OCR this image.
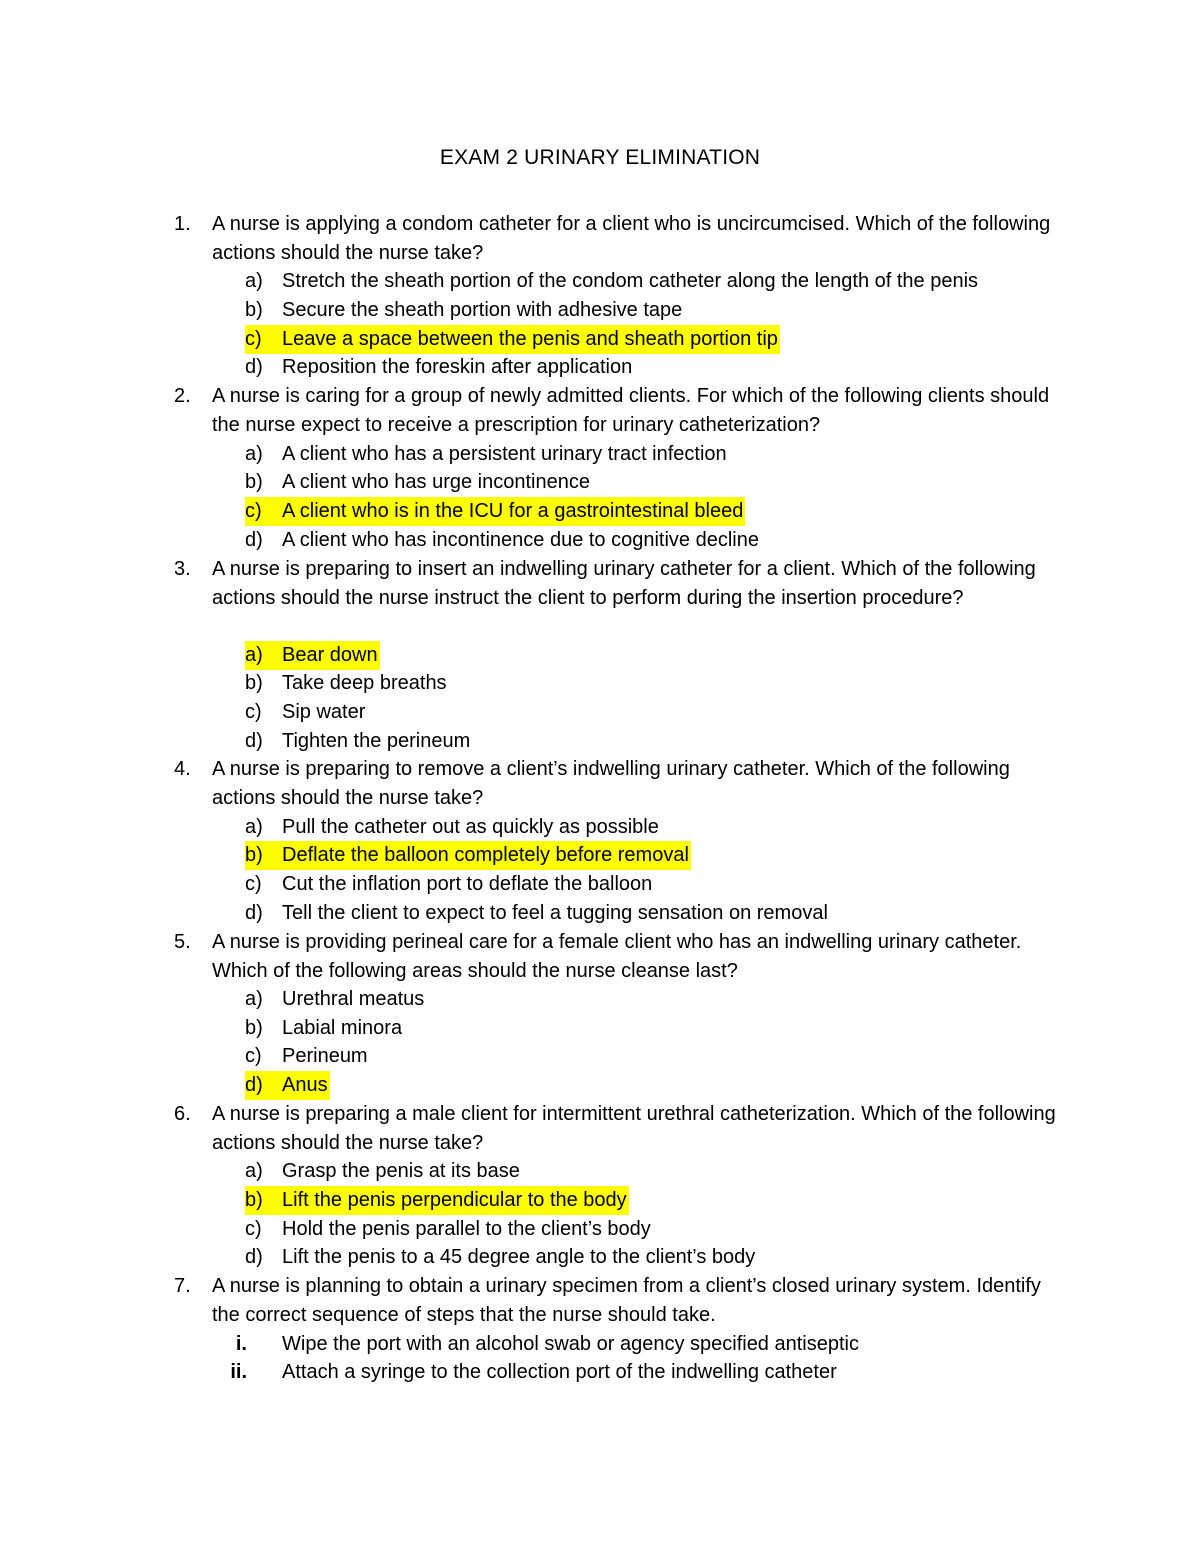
EXAM 2 URINARY ELIMINATION
1.	A nurse is applying a condom catheter for a client who is uncircumcised. Which of the following actions should the nurse take?
a) Stretch the sheath portion of the condom catheter along the length of the penis
b) Secure the sheath portion with adhesive tape
c) Leave a space between the penis and sheath portion tip
d) Reposition the foreskin after application
2.	A nurse is caring for a group of newly admitted clients. For which of the following clients should the nurse expect to receive a prescription for urinary catheterization?
a) A client who has a persistent urinary tract infection
b) A client who has urge incontinence
c) A client who is in the ICU for a gastrointestinal bleed
d) A client who has incontinence due to cognitive decline
3.	A nurse is preparing to insert an indwelling urinary catheter for a client. Which of the following actions should the nurse instruct the client to perform during the insertion procedure?
a) Bear down
b) Take deep breaths
c) Sip water
d) Tighten the perineum
4.	A nurse is preparing to remove a client’s indwelling urinary catheter. Which of the following actions should the nurse take?
a) Pull the catheter out as quickly as possible
b) Deflate the balloon completely before removal
c) Cut the inflation port to deflate the balloon
d) Tell the client to expect to feel a tugging sensation on removal
5.	A nurse is providing perineal care for a female client who has an indwelling urinary catheter. Which of the following areas should the nurse cleanse last?
a) Urethral meatus
b) Labial minora
c) Perineum
d) Anus
6.	A nurse is preparing a male client for intermittent urethral catheterization. Which of the following actions should the nurse take?
a) Grasp the penis at its base
b) Lift the penis perpendicular to the body
c) Hold the penis parallel to the client’s body
d) Lift the penis to a 45 degree angle to the client’s body
7.	A nurse is planning to obtain a urinary specimen from a client’s closed urinary system. Identify the correct sequence of steps that the nurse should take.
i. Wipe the port with an alcohol swab or agency specified antiseptic
ii. Attach a syringe to the collection port of the indwelling catheter
